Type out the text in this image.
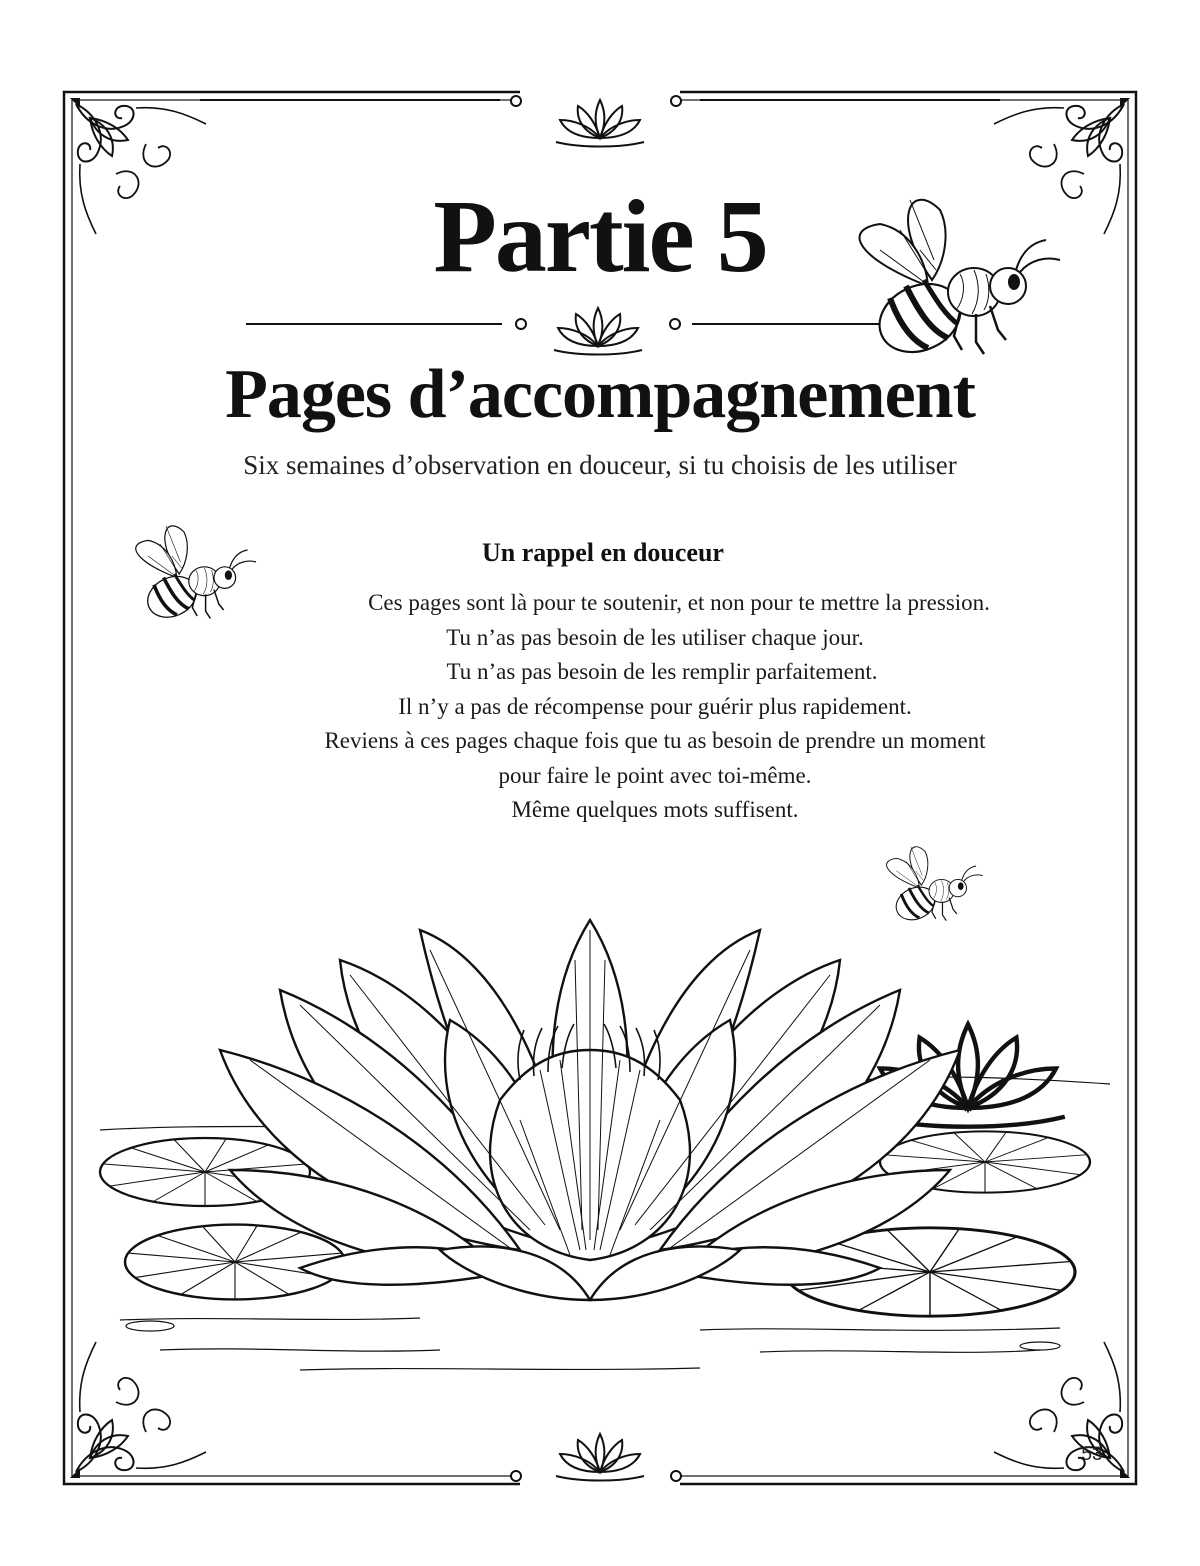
Partie 5
Pages d’accompagnement
Six semaines d’observation en douceur, si tu choisis de les utiliser
Un rappel en douceur
Ces pages sont là pour te soutenir, et non pour te mettre la pression.
Tu n’as pas besoin de les utiliser chaque jour.
Tu n’as pas besoin de les remplir parfaitement.
Il n’y a pas de récompense pour guérir plus rapidement.
Reviens à ces pages chaque fois que tu as besoin de prendre un moment
pour faire le point avec toi-même.
Même quelques mots suffisent.
53
